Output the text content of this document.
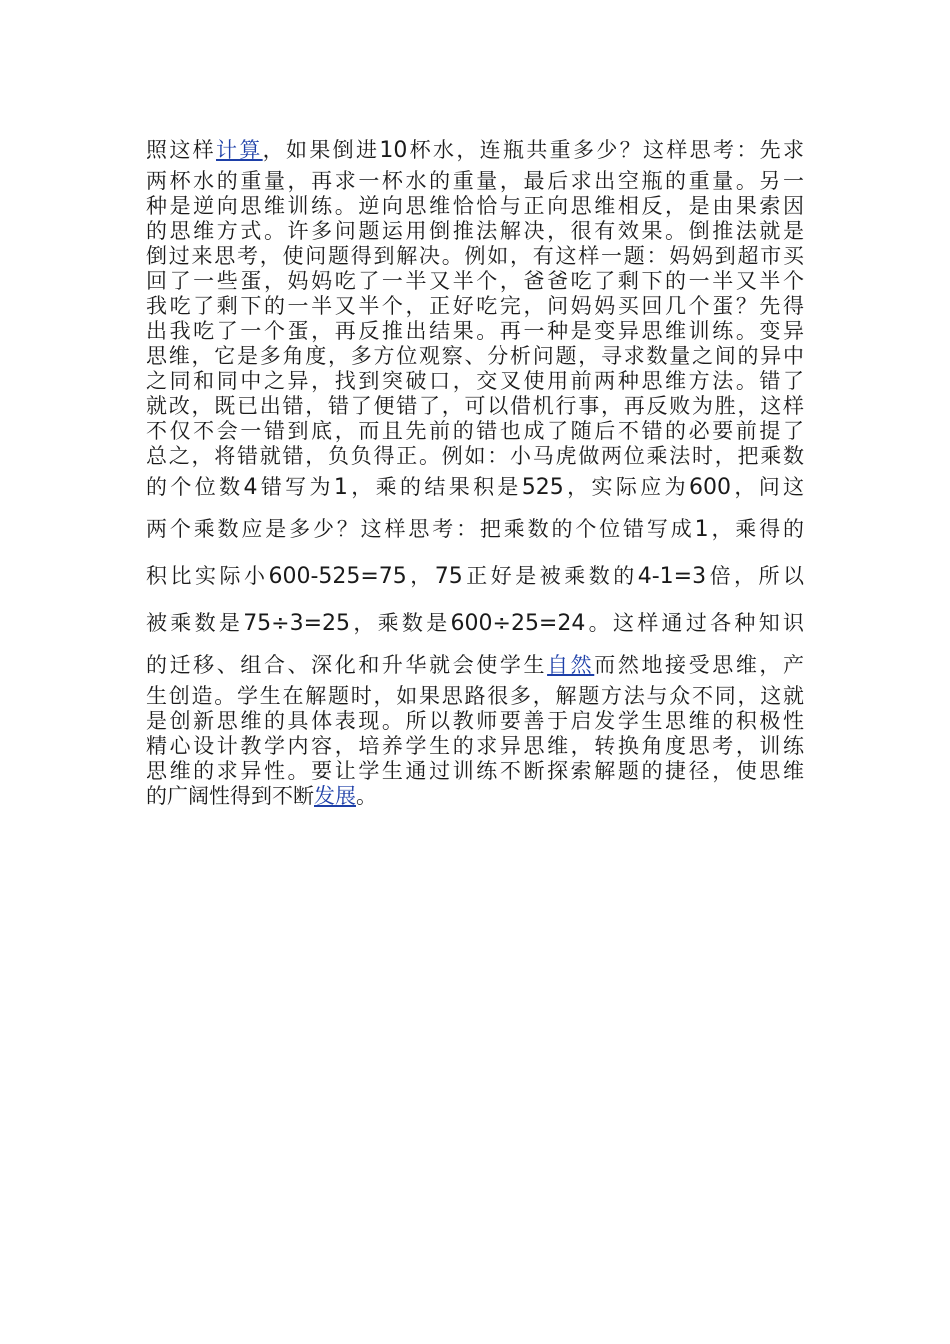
照这样计算，如果倒进10杯水，连瓶共重多少？这样思考：先求
两杯水的重量，再求一杯水的重量，最后求出空瓶的重量。另一
种是逆向思维训练。逆向思维恰恰与正向思维相反，是由果索因
的思维方式。许多问题运用倒推法解决，很有效果。倒推法就是
倒过来思考，使问题得到解决。例如，有这样一题：妈妈到超市买
回了一些蛋，妈妈吃了一半又半个，爸爸吃了剩下的一半又半个
我吃了剩下的一半又半个，正好吃完，问妈妈买回几个蛋？先得
出我吃了一个蛋，再反推出结果。再一种是变异思维训练。变异
思维，它是多角度，多方位观察、分析问题，寻求数量之间的异中
之同和同中之异，找到突破口，交叉使用前两种思维方法。错了
就改，既已出错，错了便错了，可以借机行事，再反败为胜，这样
不仅不会一错到底，而且先前的错也成了随后不错的必要前提了
总之，将错就错，负负得正。例如：小马虎做两位乘法时，把乘数
的个位数4错写为1，乘的结果积是525，实际应为600，问这
两个乘数应是多少？这样思考：把乘数的个位错写成1，乘得的
积比实际小600-525=75，75正好是被乘数的4-1=3倍，所以
被乘数是75÷3=25，乘数是600÷25=24。这样通过各种知识
的迁移、组合、深化和升华就会使学生自然而然地接受思维，产
生创造。学生在解题时，如果思路很多，解题方法与众不同，这就
是创新思维的具体表现。所以教师要善于启发学生思维的积极性
精心设计教学内容，培养学生的求异思维，转换角度思考，训练
思维的求异性。要让学生通过训练不断探索解题的捷径，使思维
的广阔性得到不断发展。
